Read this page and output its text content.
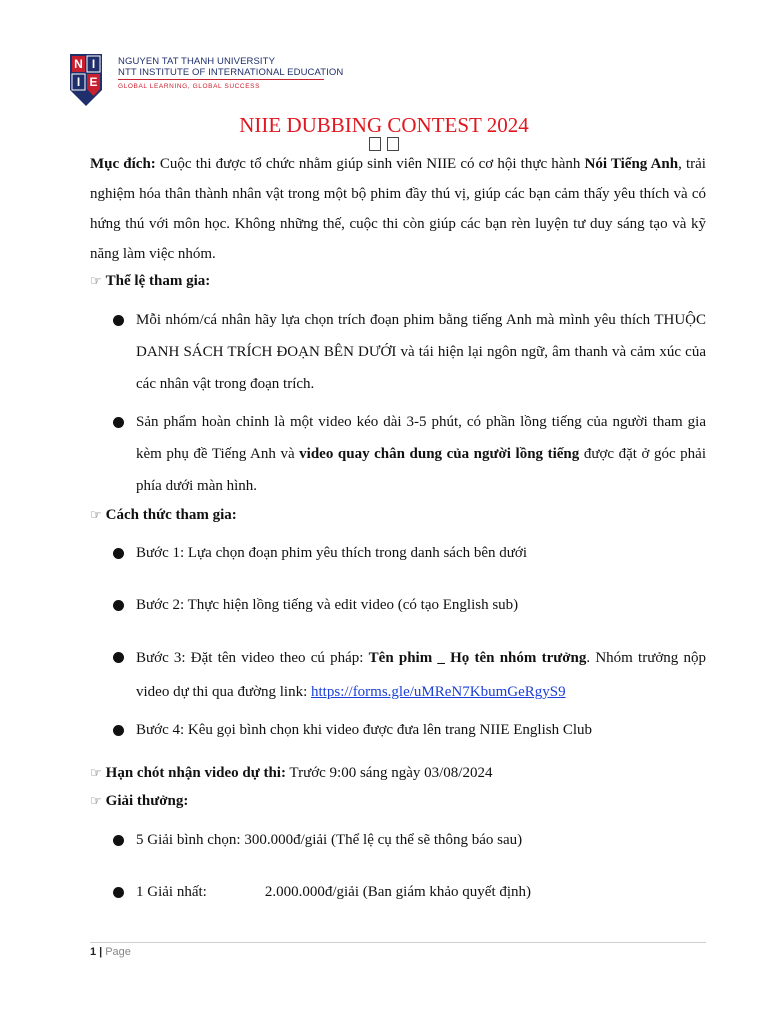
N I
I E
NGUYEN TAT THANH UNIVERSITY
NTT INSTITUTE OF INTERNATIONAL EDUCATION
GLOBAL LEARNING, GLOBAL SUCCESS
NIIE DUBBING CONTEST 2024
Mục đích: Cuộc thi được tổ chức nhằm giúp sinh viên NIIE có cơ hội thực hành Nói Tiếng Anh, trải nghiệm hóa thân thành nhân vật trong một bộ phim đầy thú vị, giúp các bạn cảm thấy yêu thích và có hứng thú với môn học. Không những thế, cuộc thi còn giúp các bạn rèn luyện tư duy sáng tạo và kỹ năng làm việc nhóm.
☞ Thể lệ tham gia:
Mỗi nhóm/cá nhân hãy lựa chọn trích đoạn phim bằng tiếng Anh mà mình yêu thích THUỘC DANH SÁCH TRÍCH ĐOẠN BÊN DƯỚI và tái hiện lại ngôn ngữ, âm thanh và cảm xúc của các nhân vật trong đoạn trích.
Sản phẩm hoàn chỉnh là một video kéo dài 3-5 phút, có phần lồng tiếng của người tham gia kèm phụ đề Tiếng Anh và video quay chân dung của người lồng tiếng được đặt ở góc phải phía dưới màn hình.
☞ Cách thức tham gia:
Bước 1: Lựa chọn đoạn phim yêu thích trong danh sách bên dưới
Bước 2: Thực hiện lồng tiếng và edit video (có tạo English sub)
Bước 3: Đặt tên video theo cú pháp: Tên phim _ Họ tên nhóm trưởng. Nhóm trưởng nộp video dự thi qua đường link: https://forms.gle/uMReN7KbumGeRgyS9
Bước 4: Kêu gọi bình chọn khi video được đưa lên trang NIIE English Club
☞ Hạn chót nhận video dự thi: Trước 9:00 sáng ngày 03/08/2024
☞ Giải thưởng:
5 Giải bình chọn: 300.000đ/giải (Thể lệ cụ thể sẽ thông báo sau)
1 Giải nhất:	2.000.000đ/giải (Ban giám khảo quyết định)
1 | Page
